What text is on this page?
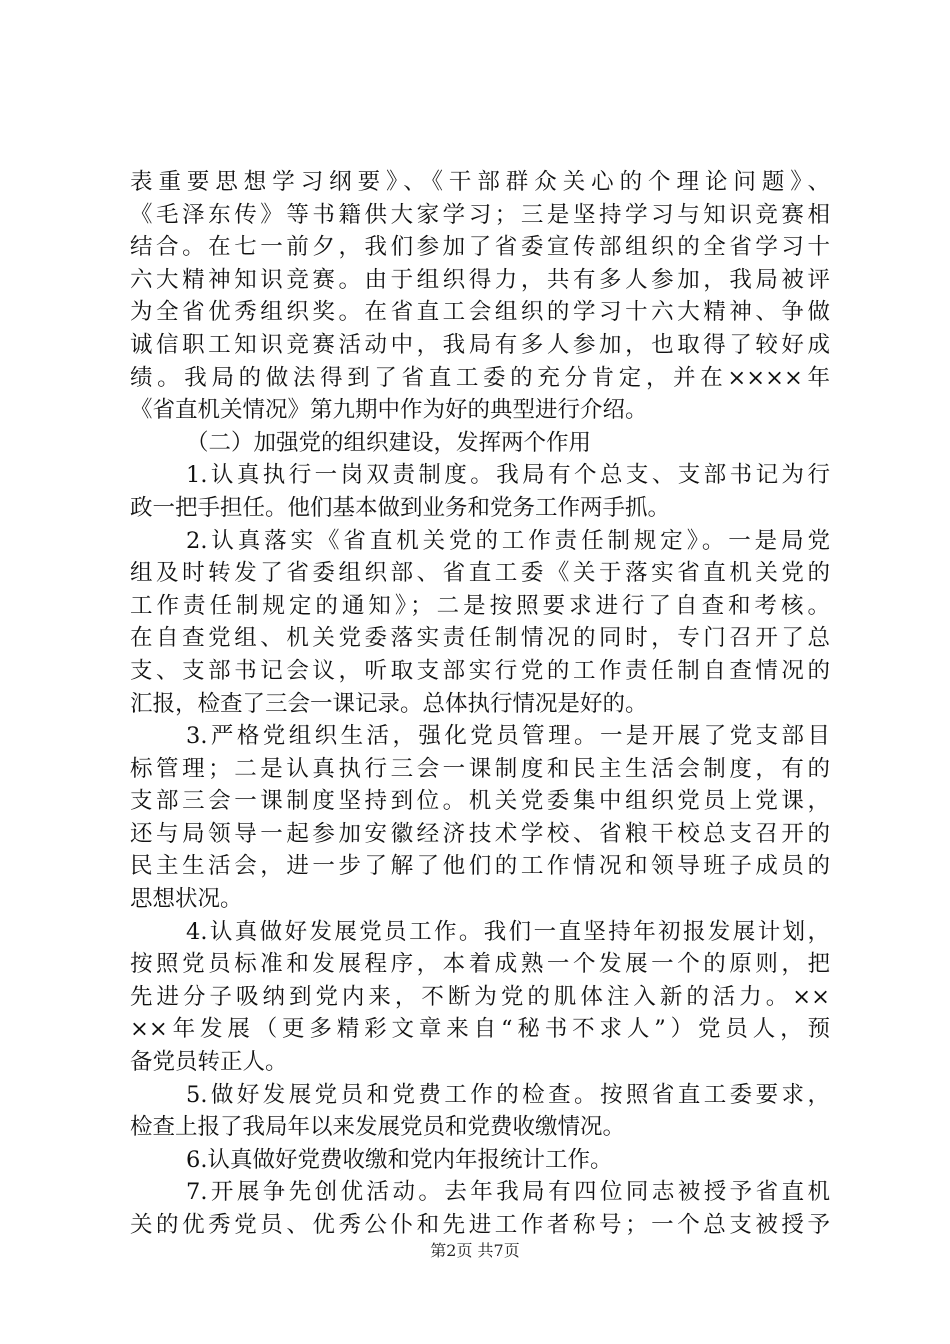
表重要思想学习纲要》、《干部群众关心的个理论问题》、
《毛泽东传》等书籍供大家学习；三是坚持学习与知识竞赛相
结合。在七一前夕，我们参加了省委宣传部组织的全省学习十
六大精神知识竞赛。由于组织得力，共有多人参加，我局被评
为全省优秀组织奖。在省直工会组织的学习十六大精神、争做
诚信职工知识竞赛活动中，我局有多人参加，也取得了较好成
绩。我局的做法得到了省直工委的充分肯定，并在××××年
《省直机关情况》第九期中作为好的典型进行介绍。
（二）加强党的组织建设，发挥两个作用
1.认真执行一岗双责制度。我局有个总支、支部书记为行
政一把手担任。他们基本做到业务和党务工作两手抓。
2.认真落实《省直机关党的工作责任制规定》。一是局党
组及时转发了省委组织部、省直工委《关于落实省直机关党的
工作责任制规定的通知》；二是按照要求进行了自查和考核。
在自查党组、机关党委落实责任制情况的同时，专门召开了总
支、支部书记会议，听取支部实行党的工作责任制自查情况的
汇报，检查了三会一课记录。总体执行情况是好的。
3.严格党组织生活，强化党员管理。一是开展了党支部目
标管理；二是认真执行三会一课制度和民主生活会制度，有的
支部三会一课制度坚持到位。机关党委集中组织党员上党课，
还与局领导一起参加安徽经济技术学校、省粮干校总支召开的
民主生活会，进一步了解了他们的工作情况和领导班子成员的
思想状况。
4.认真做好发展党员工作。我们一直坚持年初报发展计划，
按照党员标准和发展程序，本着成熟一个发展一个的原则，把
先进分子吸纳到党内来，不断为党的肌体注入新的活力。××
××年发展（更多精彩文章来自“秘书不求人”）党员人，预
备党员转正人。
5.做好发展党员和党费工作的检查。按照省直工委要求，
检查上报了我局年以来发展党员和党费收缴情况。
6.认真做好党费收缴和党内年报统计工作。
7.开展争先创优活动。去年我局有四位同志被授予省直机
关的优秀党员、优秀公仆和先进工作者称号；一个总支被授予
第2页 共7页
